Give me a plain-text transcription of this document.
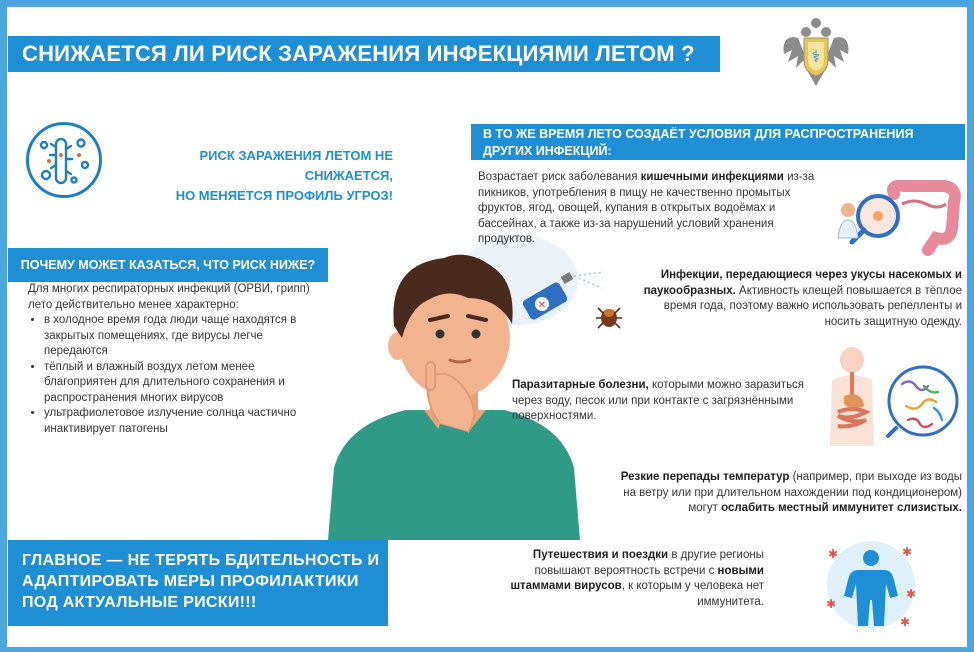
СНИЖАЕТСЯ ЛИ РИСК ЗАРАЖЕНИЯ ИНФЕКЦИЯМИ ЛЕТОМ ?	⚕
РИСК ЗАРАЖЕНИЯ ЛЕТОМ НЕ СНИЖАЕТСЯ,
НО МЕНЯЕТСЯ ПРОФИЛЬ УГРОЗ!
ПОЧЕМУ МОЖЕТ КАЗАТЬСЯ, ЧТО РИСК НИЖЕ?
Для многих респираторных инфекций (ОРВИ, грипп) лето действительно менее характерно:
• в холодное время года люди чаще находятся в закрытых помещениях, где вирусы легче передаются
• тёплый и влажный воздух летом менее благоприятен для длительного сохранения и распространения многих вирусов
• ультрафиолетовое излучение солнца частично инактивирует патогены
ГЛАВНОЕ — НЕ ТЕРЯТЬ БДИТЕЛЬНОСТЬ И
АДАПТИРОВАТЬ МЕРЫ ПРОФИЛАКТИКИ
ПОД АКТУАЛЬНЫЕ РИСКИ!!!
✕
В ТО ЖЕ ВРЕМЯ ЛЕТО СОЗДАЁТ УСЛОВИЯ ДЛЯ РАСПРОСТРАНЕНИЯ ДРУГИХ ИНФЕКЦИЙ:
Возрастает риск заболевания кишечными инфекциями из-за пикников, употребления в пищу не качественно промытых фруктов, ягод, овощей, купания в открытых водоёмах и бассейнах, а также из-за нарушений условий хранения продуктов.
Инфекции, передающиеся через укусы насекомых и паукообразных. Активность клещей повышается в тёплое время года, поэтому важно использовать репелленты и носить защитную одежду.
Паразитарные болезни, которыми можно заразиться через воду, песок или при контакте с загрязнёнными поверхностями.
Резкие перепады температур (например, при выходе из воды на ветру или при длительном нахождении под кондиционером) могут ослабить местный иммунитет слизистых.
Путешествия и поездки в другие регионы повышают вероятность встречи с новыми штаммами вирусов, к которым у человека нет иммунитета.
✱	✱
✱
✱
✱
